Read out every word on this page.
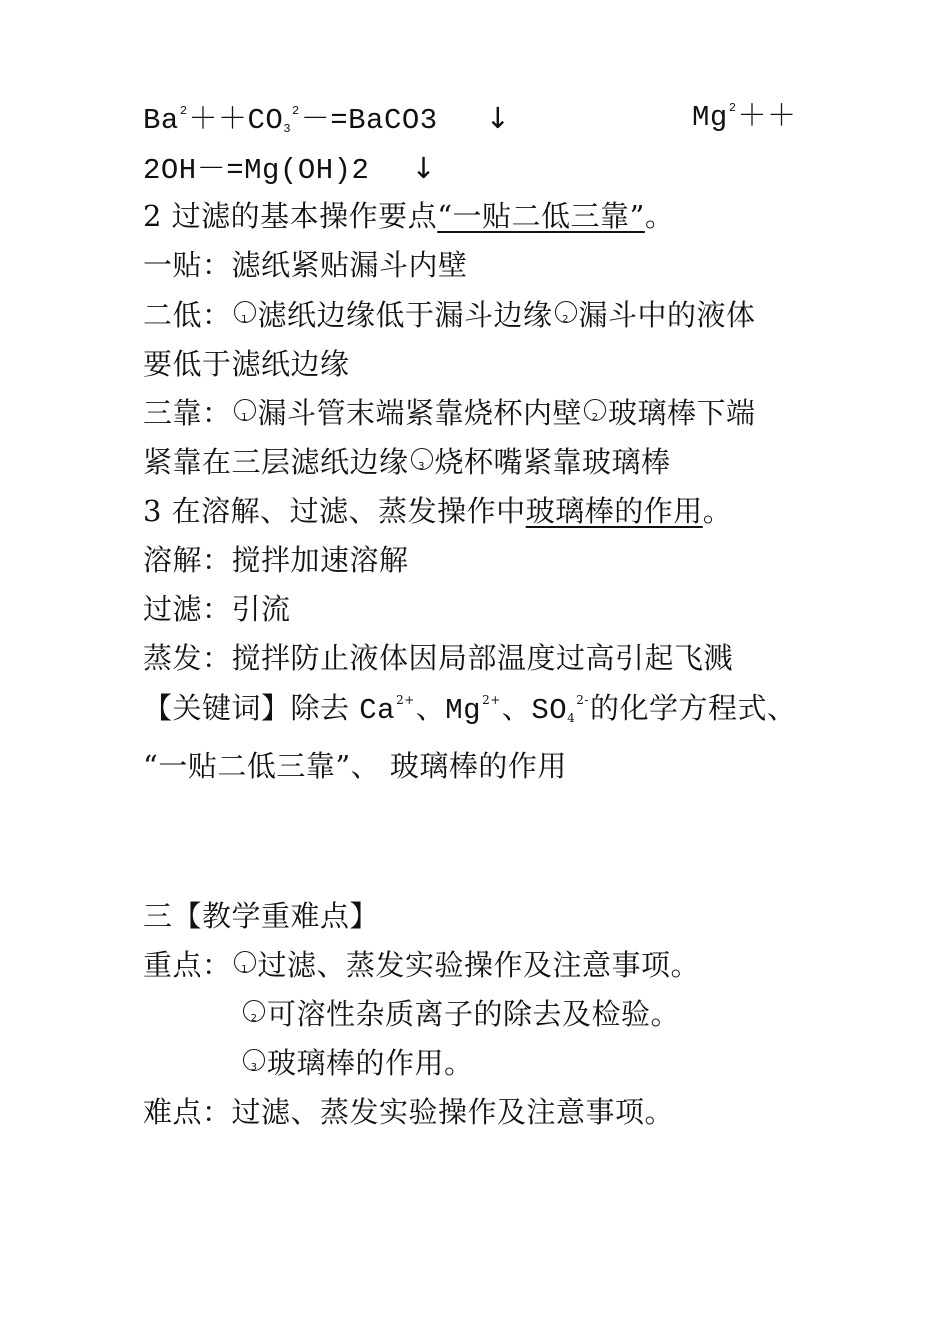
$Ba^2++CO_3^2-=BaCO3$ ↓	$Mg^2++$
2OH－=Mg(OH)2 ↓
2 过滤的基本操作要点“一贴二低三靠”。
一贴：滤纸紧贴漏斗内壁
二低： 1 滤纸边缘低于漏斗边缘 2 漏斗中的液体
要低于滤纸边缘
三靠： 1 漏斗管末端紧靠烧杯内壁 2 玻璃棒下端
紧靠在三层滤纸边缘 3 烧杯嘴紧靠玻璃棒
3 在溶解、过滤、蒸发操作中玻璃棒的作用。
溶解：搅拌加速溶解
过滤：引流
蒸发：搅拌防止液体因局部温度过高引起飞溅
【关键词】除去 $Ca^{2+}$、$Mg^{2+}$、$SO_4^{2-}$的化学方程式、
“一贴二低三靠”、 玻璃棒的作用
三【教学重难点】
重点： 1 过滤、蒸发实验操作及注意事项。
2 可溶性杂质离子的除去及检验。
3 玻璃棒的作用。
难点：过滤、蒸发实验操作及注意事项。
